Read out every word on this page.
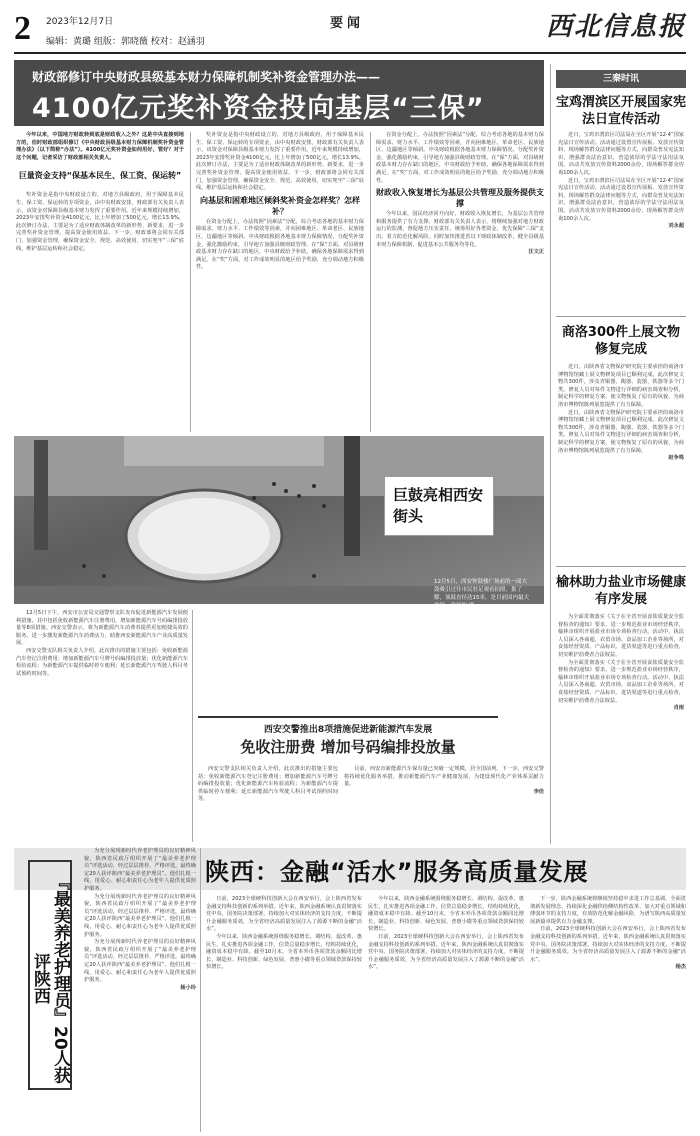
2 2023年12月7日	要闻
编辑：黄璐 组版：郭晓薇 校对：赵涵羽	西北信息报
财政部修订中央财政县级基本财力保障机制奖补资金管理办法——
4100亿元奖补资金投向基层“三保”

今年以来，中国地方财政转到底是财政收入之外？这是中央直接到地方的，但时财政部组织修订《中央财政县级基本财力保障机制奖补资金管理办法》（以下简称“办法”）。4100亿元奖补资金如何用好，管好？对于这个问题，记者采访了财政部相关负责人。

巨量资金支持“保基本民生、保工资、保运转”

奖补资金是指中央财政设立的，对地方县级政府，用于保障基本民生、保工资、保运转的专项资金，由中央财政安排。财政部有关负责人表示，该资金对保障县级基本财力发挥了重要作用。近年来规模持续增加，2023年安排奖补资金4100亿元，比上年增加了500亿元，增长13.9%。此次修订办法，主要是为了适应财政体制改革的新形势、新要求，进一步完善奖补资金管理，提高资金使用效益。下一步，财政部将会同有关部门，加强资金管理，确保资金安全、规范、高效使用，切实兜牢“三保”底线，维护基层运转和社会稳定。

奖补资金是指中央财政设立的，对地方县级政府，用于保障基本民生、保工资、保运转的专项资金，由中央财政安排。财政部有关负责人表示，该资金对保障县级基本财力发挥了重要作用。近年来规模持续增加，2023年安排奖补资金4100亿元，比上年增加了500亿元，增长13.9%。此次修订办法，主要是为了适应财政体制改革的新形势、新要求，进一步完善奖补资金管理，提高资金使用效益。下一步，财政部将会同有关部门，加强资金管理，确保资金安全、规范、高效使用，切实兜牢“三保”底线，维护基层运转和社会稳定。

向基层和困难地区倾斜奖补资金怎样奖？怎样补？

在资金分配上，办法按照“因素法”分配，综合考虑各地的基本财力保障需求、财力水平、工作绩效等因素，并向困难地区、革命老区、民族地区、边疆地区等倾斜。中央财政根据各地基本财力保障情况，分配奖补资金，强化激励约束，引导地方加强县级财政管理。在“保”方面，对县级财政基本财力存在缺口的地区，中央财政给予补助，确保各地保障需求得到满足。在“奖”方面，对工作成效明显的地区给予奖励，充分调动地方积极性。

在资金分配上，办法按照“因素法”分配，综合考虑各地的基本财力保障需求、财力水平、工作绩效等因素，并向困难地区、革命老区、民族地区、边疆地区等倾斜。中央财政根据各地基本财力保障情况，分配奖补资金，强化激励约束，引导地方加强县级财政管理。在“保”方面，对县级财政基本财力存在缺口的地区，中央财政给予补助，确保各地保障需求得到满足。在“奖”方面，对工作成效明显的地区给予奖励，充分调动地方积极性。

财政收入恢复增长为基层公共管理及服务提供支撑

今年以来，国民经济回升向好，财政收入恢复增长，为基层公共管理和服务提供了有力支撑。财政部有关负责人表示，将继续加强对地方财政运行的监测，督促地方压实责任，统筹用好各类资金，优先保障“三保”支出，着力防范化解风险。同时加快推进省以下财政体制改革，健全县级基本财力保障机制，促进基本公共服务均等化。

汪文正

三秦时讯
宝鸡渭滨区开展国家宪法日宣传活动

近日，宝鸡市渭滨区司法局在全区开展“12·4”国家宪法日宣传活动。活动通过设置宣传展板、发放宣传资料、现场解答群众法律问题等方式，向群众普及宪法知识，增强群众法治意识，营造浓厚的学法守法用法氛围。活动共发放宣传资料2000余份，现场解答群众咨询100余人次。

近日，宝鸡市渭滨区司法局在全区开展“12·4”国家宪法日宣传活动。活动通过设置宣传展板、发放宣传资料、现场解答群众法律问题等方式，向群众普及宪法知识，增强群众法治意识，营造浓厚的学法守法用法氛围。活动共发放宣传资料2000余份，现场解答群众咨询100余人次。

刘永超

商洛300件上展文物修复完成

近日，由陕西省文物保护研究院主要承担的商洛市博物馆馆藏上展文物修复项目已顺利完成。此次修复文物共300件，涉及青铜器、陶器、瓷器、铁器等多个门类。修复人员对每件文物进行详细的病害调查和分析，制定科学的修复方案，使文物恢复了原有的风貌，为商洛市博物馆陈列展览提供了有力保障。

近日，由陕西省文物保护研究院主要承担的商洛市博物馆馆藏上展文物修复项目已顺利完成。此次修复文物共300件，涉及青铜器、陶器、瓷器、铁器等多个门类。修复人员对每件文物进行详细的病害调查和分析，制定科学的修复方案，使文物恢复了原有的风貌，为商洛市博物馆陈列展览提供了有力保障。

赵争鸣

榆林助力盐业市场健康有序发展

为全面贯彻落实《关于在全省开展食盐质量安全监督检查的通知》要求，进一步规范盐业市场经营秩序，榆林市组织开展盐业市场专项检查行动。活动中，执法人员深入各商超、农贸市场、食品加工企业等场所，对食盐经营资质、产品标识、进货渠道等进行重点检查，切实维护消费者合法权益。

为全面贯彻落实《关于在全省开展食盐质量安全监督检查的通知》要求，进一步规范盐业市场经营秩序，榆林市组织开展盐业市场专项检查行动。活动中，执法人员深入各商超、农贸市场、食品加工企业等场所，对食盐经营资质、产品标识、进货渠道等进行重点检查，切实维护消费者合法权益。

肖雨

巨鼓亮相西安街头
12月5日，西安钟鼓楼广场前的一面大鼓吸引过往市民驻足观看拍照。据了解，该鼓直径达15米，是目前国内最大的鼓。代泽均 摄

12月5日下午，西安市公安局交通警察支队发布促进新能源汽车发展便利措施，其中包括免收新能源汽车注册费用，增加新能源汽车号码编排投放量等8项措施。西安交警表示，将为新能源汽车消费者提供更加便捷高效的服务，进一步激发新能源汽车消费活力，助推西安新能源汽车产业高质量发展。

西安交警支队相关负责人介绍，此次推出的措施主要包括：免收新能源汽车登记注册费用；增加新能源汽车号牌号码编排投放量；优化新能源汽车检验流程；为新能源汽车提供临时停车便利；延长新能源汽车驾驶人科目考试预约时间等。

西安交警推出8项措施促进新能源汽车发展
免收注册费 增加号码编排投放量

西安交警支队相关负责人介绍，此次推出的措施主要包括：免收新能源汽车登记注册费用；增加新能源汽车号牌号码编排投放量；优化新能源汽车检验流程；为新能源汽车提供临时停车便利；延长新能源汽车驾驶人科目考试预约时间等。

目前，西安市新能源汽车保有量已突破一定规模，居全国前列。下一步，西安交警将持续优化服务举措，推动新能源汽车产业健康发展，为建设现代化产业体系贡献力量。

李佳

陕西：金融“活水”服务高质量发展
『最美养老护理员』20人获评陕西

为充分展现新时代养老护理员的良好精神风貌，陕西省民政厅组织开展了“最美养老护理员”评选活动，经过层层推荐、严格评选，最终确定20人获评陕西“最美养老护理员”。他们扎根一线，用爱心、耐心和责任心为老年人提供优质照护服务。

为充分展现新时代养老护理员的良好精神风貌，陕西省民政厅组织开展了“最美养老护理员”评选活动，经过层层推荐、严格评选，最终确定20人获评陕西“最美养老护理员”。他们扎根一线，用爱心、耐心和责任心为老年人提供优质照护服务。

为充分展现新时代养老护理员的良好精神风貌，陕西省民政厅组织开展了“最美养老护理员”评选活动，经过层层推荐、严格评选，最终确定20人获评陕西“最美养老护理员”。他们扎根一线，用爱心、耐心和责任心为老年人提供优质照护服务。

杨小玲

日前，2023全球硬科技创新大会在西安举行，会上陕西省发布金融支持科技创新的系列举措。近年来，陕西金融系统认真贯彻落实党中央、国务院决策部署，持续加大对实体经济的支持力度，不断提升金融服务质效，为全省经济高质量发展注入了源源不断的金融“活水”。

今年以来，陕西金融系统围绕服务稳增长、调结构、促改革、惠民生，扎实推进各项金融工作，信贷总量稳步增长，结构持续优化，融资成本稳中有降。截至10月末，全省本外币各项贷款余额同比增长，制造业、科技创新、绿色发展、普惠小微等重点领域贷款保持较快增长。

今年以来，陕西金融系统围绕服务稳增长、调结构、促改革、惠民生，扎实推进各项金融工作，信贷总量稳步增长，结构持续优化，融资成本稳中有降。截至10月末，全省本外币各项贷款余额同比增长，制造业、科技创新、绿色发展、普惠小微等重点领域贷款保持较快增长。

日前，2023全球硬科技创新大会在西安举行，会上陕西省发布金融支持科技创新的系列举措。近年来，陕西金融系统认真贯彻落实党中央、国务院决策部署，持续加大对实体经济的支持力度，不断提升金融服务质效，为全省经济高质量发展注入了源源不断的金融“活水”。

下一步，陕西金融系统将继续坚持稳中求进工作总基调，全面贯彻新发展理念，持续深化金融供给侧结构性改革，加大对重点领域和薄弱环节的支持力度，有效防范化解金融风险，为谱写陕西高质量发展新篇章提供有力金融支撑。

日前，2023全球硬科技创新大会在西安举行，会上陕西省发布金融支持科技创新的系列举措。近年来，陕西金融系统认真贯彻落实党中央、国务院决策部署，持续加大对实体经济的支持力度，不断提升金融服务质效，为全省经济高质量发展注入了源源不断的金融“活水”。

杨杰
